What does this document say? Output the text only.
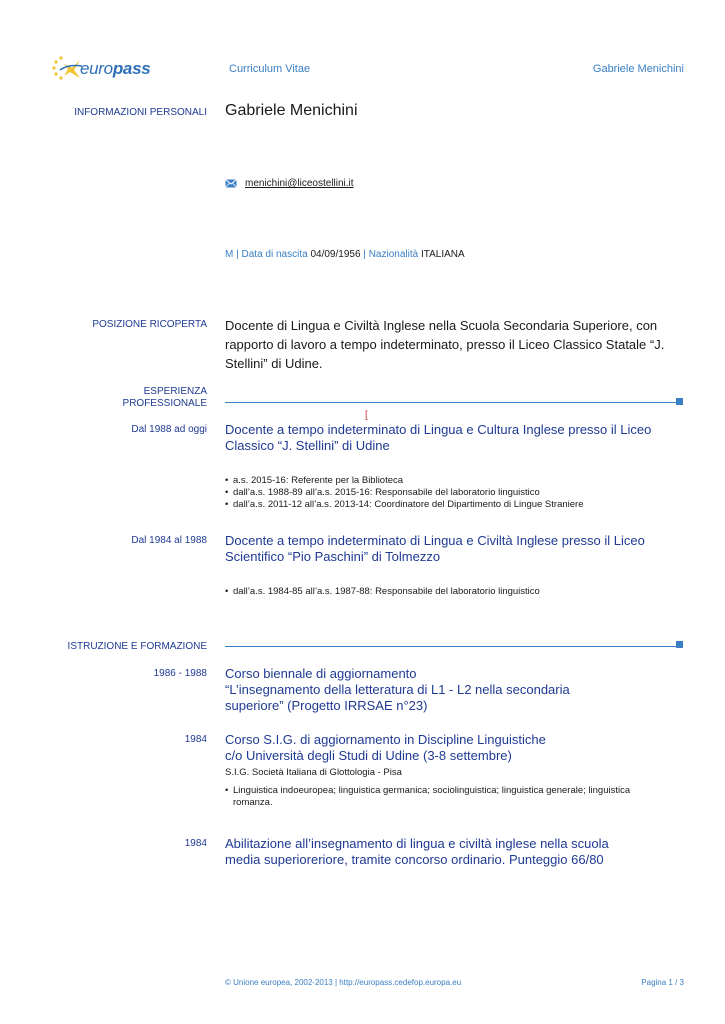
europass	Curriculum Vitae	Gabriele Menichini
INFORMAZIONI PERSONALI Gabriele Menichini
menichini@liceostellini.it
M | Data di nascita 04/09/1956 | Nazionalità ITALIANA
POSIZIONE RICOPERTA Docente di Lingua e Civiltà Inglese nella Scuola Secondaria Superiore, con rapporto di lavoro a tempo indeterminato, presso il Liceo Classico Statale “J. Stellini” di Udine.
ESPERIENZA
PROFESSIONALE
[
Dal 1988 ad oggi Docente a tempo indeterminato di Lingua e Cultura Inglese presso il Liceo
Classico “J. Stellini” di Udine
• a.s. 2015-16: Referente per la Biblioteca
• dall’a.s. 1988-89 all’a.s. 2015-16: Responsabile del laboratorio linguistico
• dall’a.s. 2011-12 all’a.s. 2013-14: Coordinatore del Dipartimento di Lingue Straniere
Dal 1984 al 1988 Docente a tempo indeterminato di Lingua e Civiltà Inglese presso il Liceo
Scientifico “Pio Paschini” di Tolmezzo
• dall’a.s. 1984-85 all’a.s. 1987-88: Responsabile del laboratorio linguistico
ISTRUZIONE E FORMAZIONE
1986 - 1988 Corso biennale di aggiornamento
“L’insegnamento della letteratura di L1 - L2 nella secondaria
superiore” (Progetto IRRSAE n°23)
1984 Corso S.I.G. di aggiornamento in Discipline Linguistiche
c/o Università degli Studi di Udine (3-8 settembre)
S.I.G. Società Italiana di Glottologia - Pisa
• Linguistica indoeuropea; linguistica germanica; sociolinguistica; linguistica generale; linguistica
romanza.
1984 Abilitazione all’insegnamento di lingua e civiltà inglese nella scuola
media superioreriore, tramite concorso ordinario. Punteggio 66/80
© Unione europea, 2002-2013 | http://europass.cedefop.europa.eu	Pagina 1 / 3
